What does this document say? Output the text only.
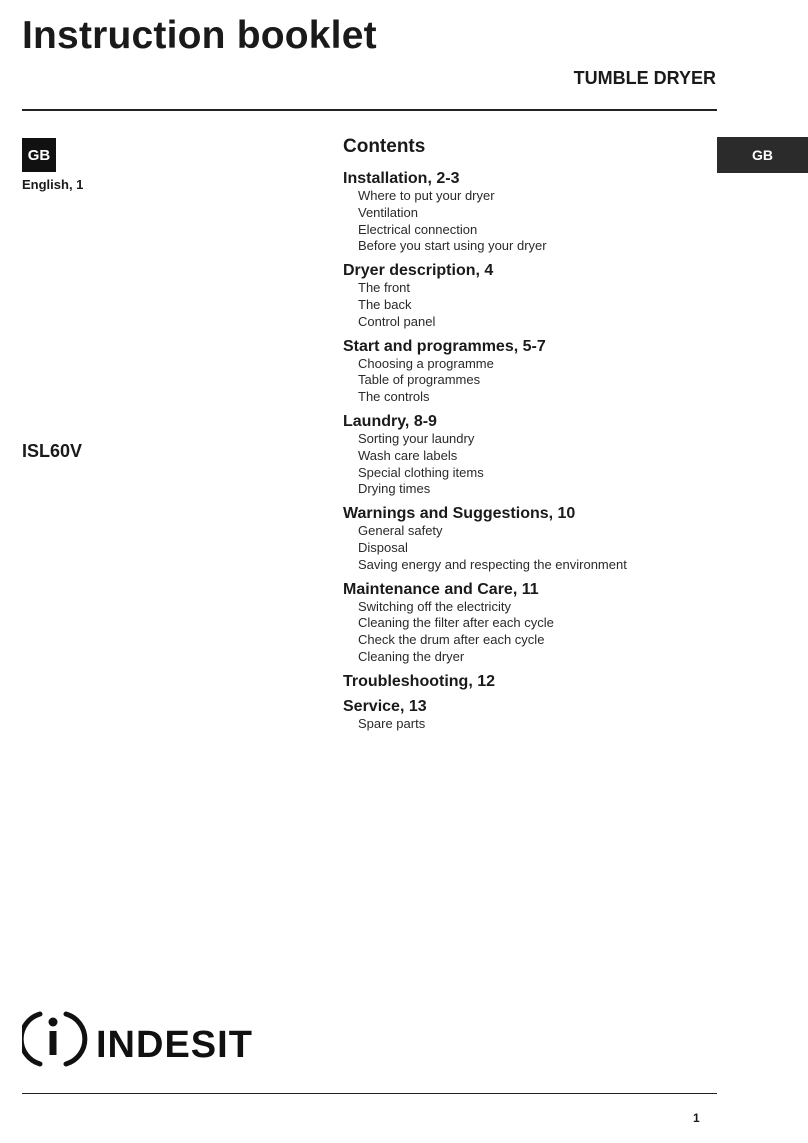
Instruction booklet
TUMBLE DRYER
GB
English, 1
ISL60V
GB
Contents
Installation, 2-3
Where to put your dryer
Ventilation
Electrical connection
Before you start using your dryer
Dryer description, 4
The front
The back
Control panel
Start and programmes, 5-7
Choosing a programme
Table of programmes
The controls
Laundry, 8-9
Sorting your laundry
Wash care labels
Special clothing items
Drying times
Warnings and Suggestions, 10
General safety
Disposal
Saving energy and respecting the environment
Maintenance and Care, 11
Switching off the electricity
Cleaning the filter after each cycle
Check the drum after each cycle
Cleaning the dryer
Troubleshooting, 12
Service, 13
Spare parts
INDESIT
1
